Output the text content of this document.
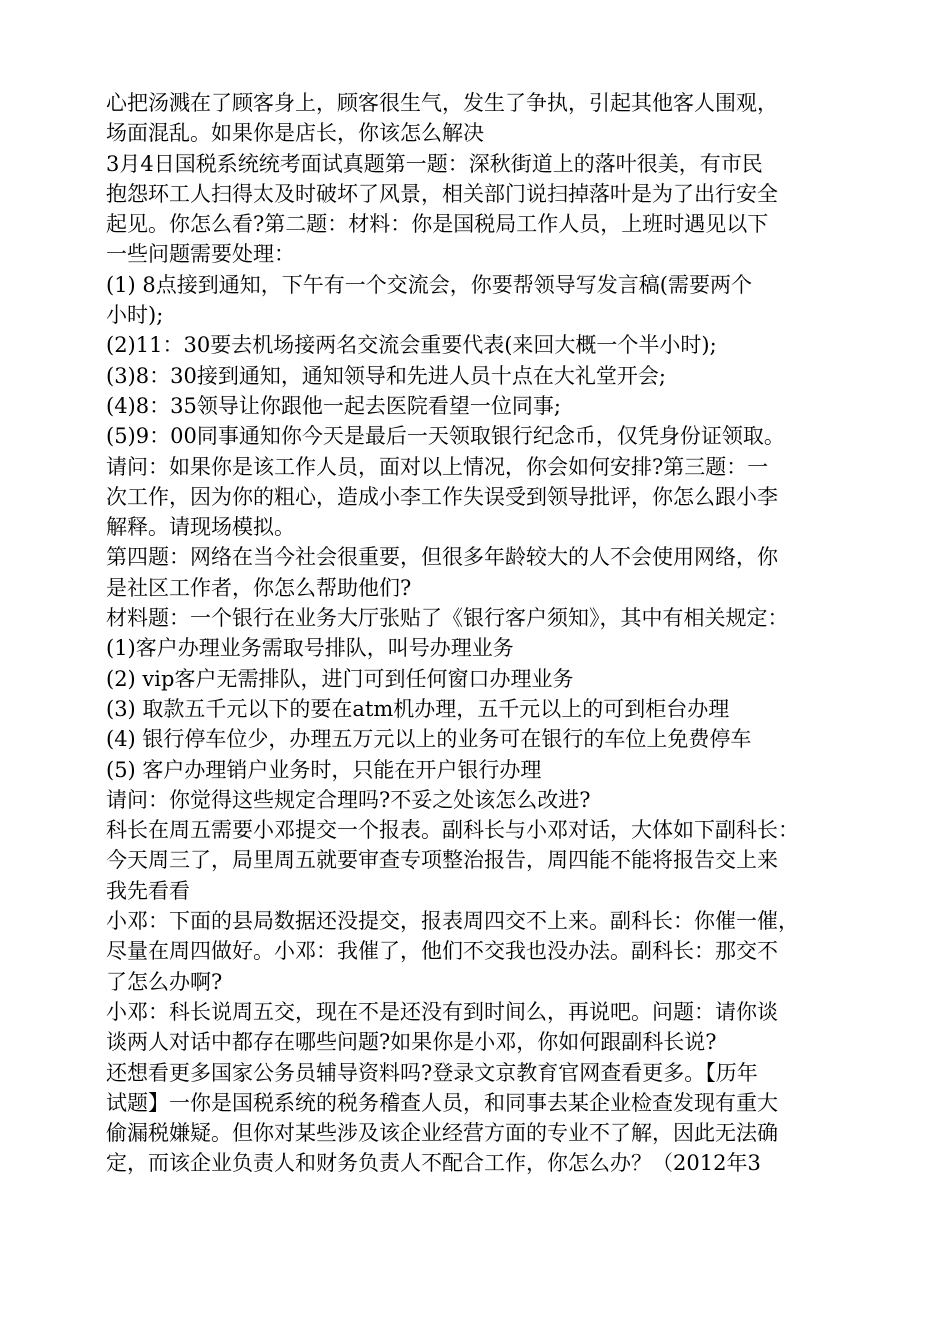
心把汤溅在了顾客身上，顾客很生气，发生了争执，引起其他客人围观，
场面混乱。如果你是店长，你该怎么解决
3月4日国税系统统考面试真题第一题：深秋街道上的落叶很美，有市民
抱怨环工人扫得太及时破坏了风景，相关部门说扫掉落叶是为了出行安全
起见。你怎么看?第二题：材料：你是国税局工作人员，上班时遇见以下
一些问题需要处理：
(1) 8点接到通知，下午有一个交流会，你要帮领导写发言稿(需要两个
小时);
(2)11：30要去机场接两名交流会重要代表(来回大概一个半小时);
(3)8：30接到通知，通知领导和先进人员十点在大礼堂开会;
(4)8：35领导让你跟他一起去医院看望一位同事;
(5)9：00同事通知你今天是最后一天领取银行纪念币，仅凭身份证领取。
请问：如果你是该工作人员，面对以上情况，你会如何安排?第三题：一
次工作，因为你的粗心，造成小李工作失误受到领导批评，你怎么跟小李
解释。请现场模拟。
第四题：网络在当今社会很重要，但很多年龄较大的人不会使用网络，你
是社区工作者，你怎么帮助他们?
材料题：一个银行在业务大厅张贴了《银行客户须知》，其中有相关规定：
(1)客户办理业务需取号排队，叫号办理业务
(2) vip客户无需排队，进门可到任何窗口办理业务
(3) 取款五千元以下的要在atm机办理，五千元以上的可到柜台办理
(4) 银行停车位少，办理五万元以上的业务可在银行的车位上免费停车
(5) 客户办理销户业务时，只能在开户银行办理
请问：你觉得这些规定合理吗?不妥之处该怎么改进?
科长在周五需要小邓提交一个报表。副科长与小邓对话，大体如下副科长：
今天周三了，局里周五就要审查专项整治报告，周四能不能将报告交上来
我先看看
小邓：下面的县局数据还没提交，报表周四交不上来。副科长：你催一催，
尽量在周四做好。小邓：我催了，他们不交我也没办法。副科长：那交不
了怎么办啊?
小邓：科长说周五交，现在不是还没有到时间么，再说吧。问题：请你谈
谈两人对话中都存在哪些问题?如果你是小邓，你如何跟副科长说?
还想看更多国家公务员辅导资料吗?登录文京教育官网查看更多。【历年
试题】一你是国税系统的税务稽查人员，和同事去某企业检查发现有重大
偷漏税嫌疑。但你对某些涉及该企业经营方面的专业不了解，因此无法确
定，而该企业负责人和财务负责人不配合工作，你怎么办？（2012年3
